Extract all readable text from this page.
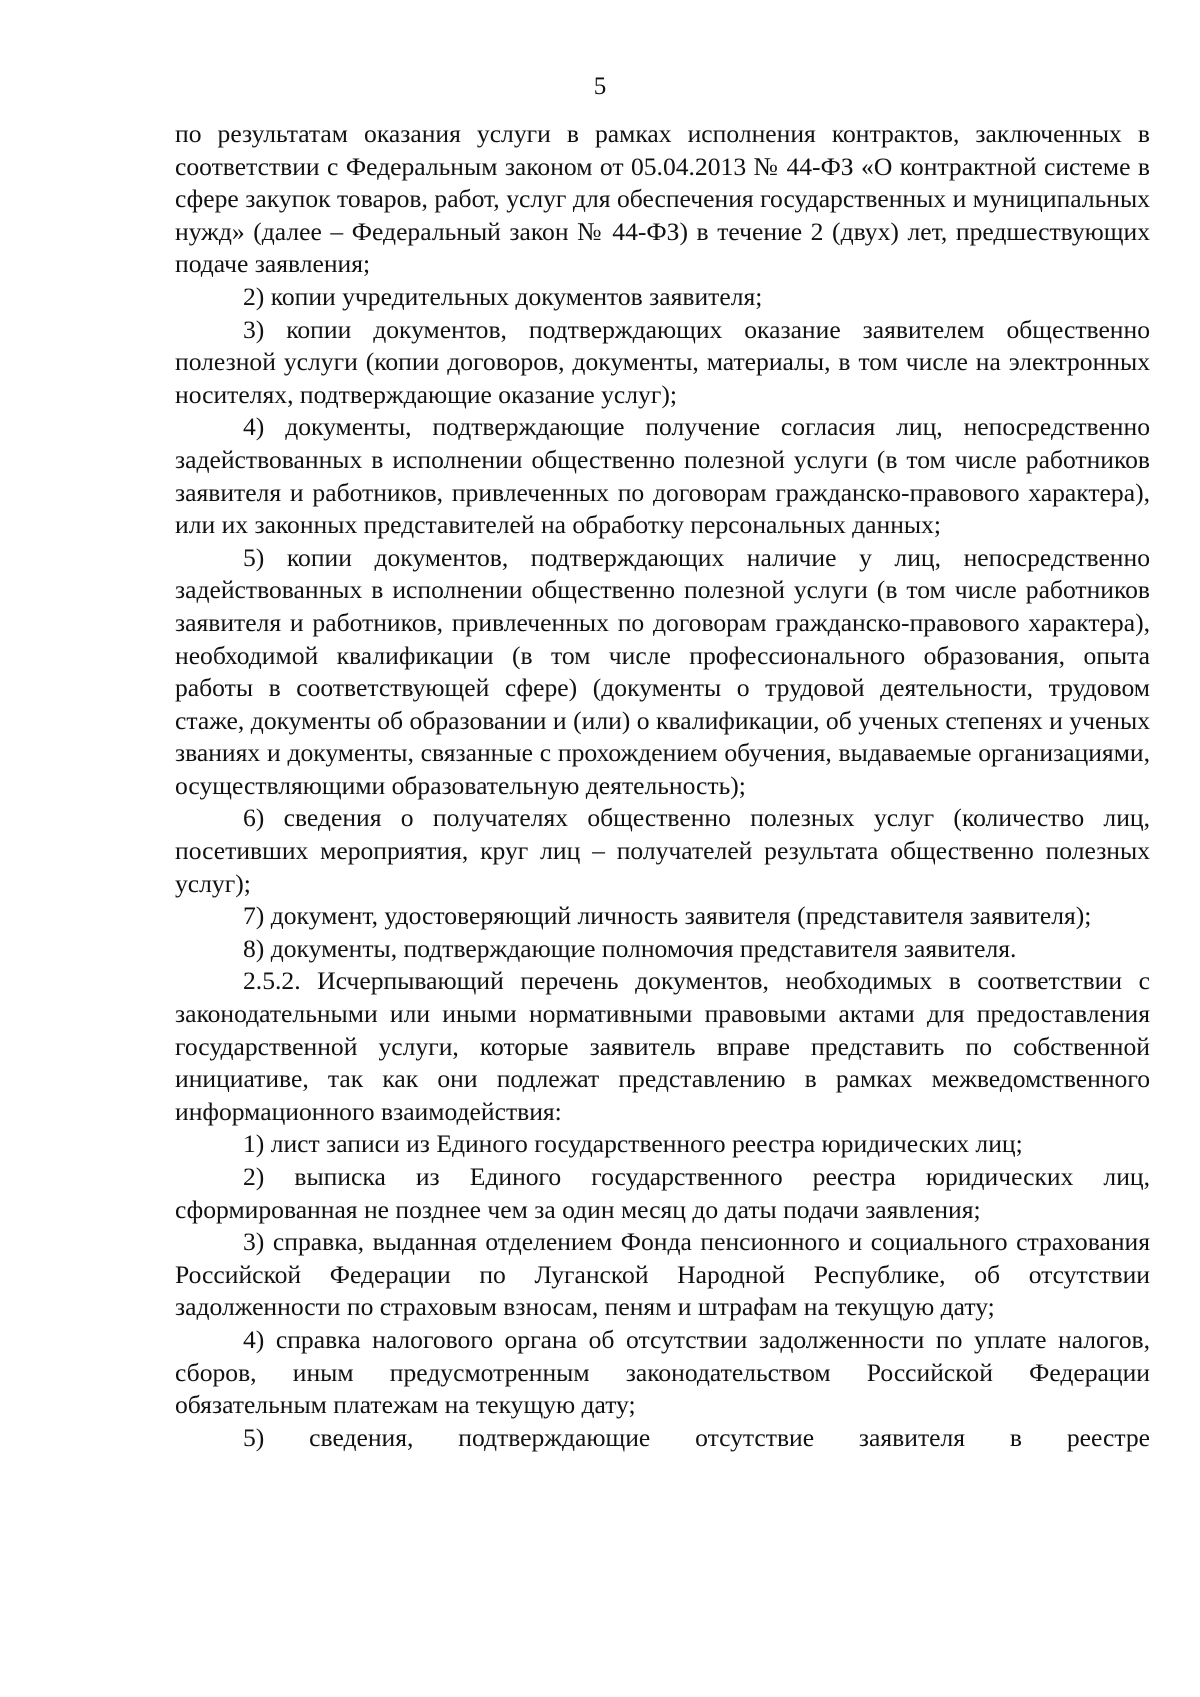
5

по результатам оказания услуги в рамках исполнения контрактов, заключенных в соответствии с Федеральным законом от 05.04.2013 № 44-ФЗ «О контрактной системе в сфере закупок товаров, работ, услуг для обеспечения государственных и муниципальных нужд» (далее – Федеральный закон № 44-ФЗ) в течение 2 (двух) лет, предшествующих подаче заявления;

2) копии учредительных документов заявителя;

3) копии документов, подтверждающих оказание заявителем общественно полезной услуги (копии договоров, документы, материалы, в том числе на электронных носителях, подтверждающие оказание услуг);

4) документы, подтверждающие получение согласия лиц, непосредственно задействованных в исполнении общественно полезной услуги (в том числе работников заявителя и работников, привлеченных по договорам гражданско-правового характера), или их законных представителей на обработку персональных данных;

5) копии документов, подтверждающих наличие у лиц, непосредственно задействованных в исполнении общественно полезной услуги (в том числе работников заявителя и работников, привлеченных по договорам гражданско-правового характера), необходимой квалификации (в том числе профессионального образования, опыта работы в соответствующей сфере) (документы о трудовой деятельности, трудовом стаже, документы об образовании и (или) о квалификации, об ученых степенях и ученых званиях и документы, связанные с прохождением обучения, выдаваемые организациями, осуществляющими образовательную деятельность);

6) сведения о получателях общественно полезных услуг (количество лиц, посетивших мероприятия, круг лиц – получателей результата общественно полезных услуг);

7) документ, удостоверяющий личность заявителя (представителя заявителя);

8) документы, подтверждающие полномочия представителя заявителя.

2.5.2. Исчерпывающий перечень документов, необходимых в соответствии с законодательными или иными нормативными правовыми актами для предоставления государственной услуги, которые заявитель вправе представить по собственной инициативе, так как они подлежат представлению в рамках межведомственного информационного взаимодействия:

1) лист записи из Единого государственного реестра юридических лиц;

2) выписка из Единого государственного реестра юридических лиц, сформированная не позднее чем за один месяц до даты подачи заявления;

3) справка, выданная отделением Фонда пенсионного и социального страхования Российской Федерации по Луганской Народной Республике, об отсутствии задолженности по страховым взносам, пеням и штрафам на текущую дату;

4) справка налогового органа об отсутствии задолженности по уплате налогов, сборов, иным предусмотренным законодательством Российской Федерации обязательным платежам на текущую дату;

5) сведения, подтверждающие отсутствие заявителя в реестре
